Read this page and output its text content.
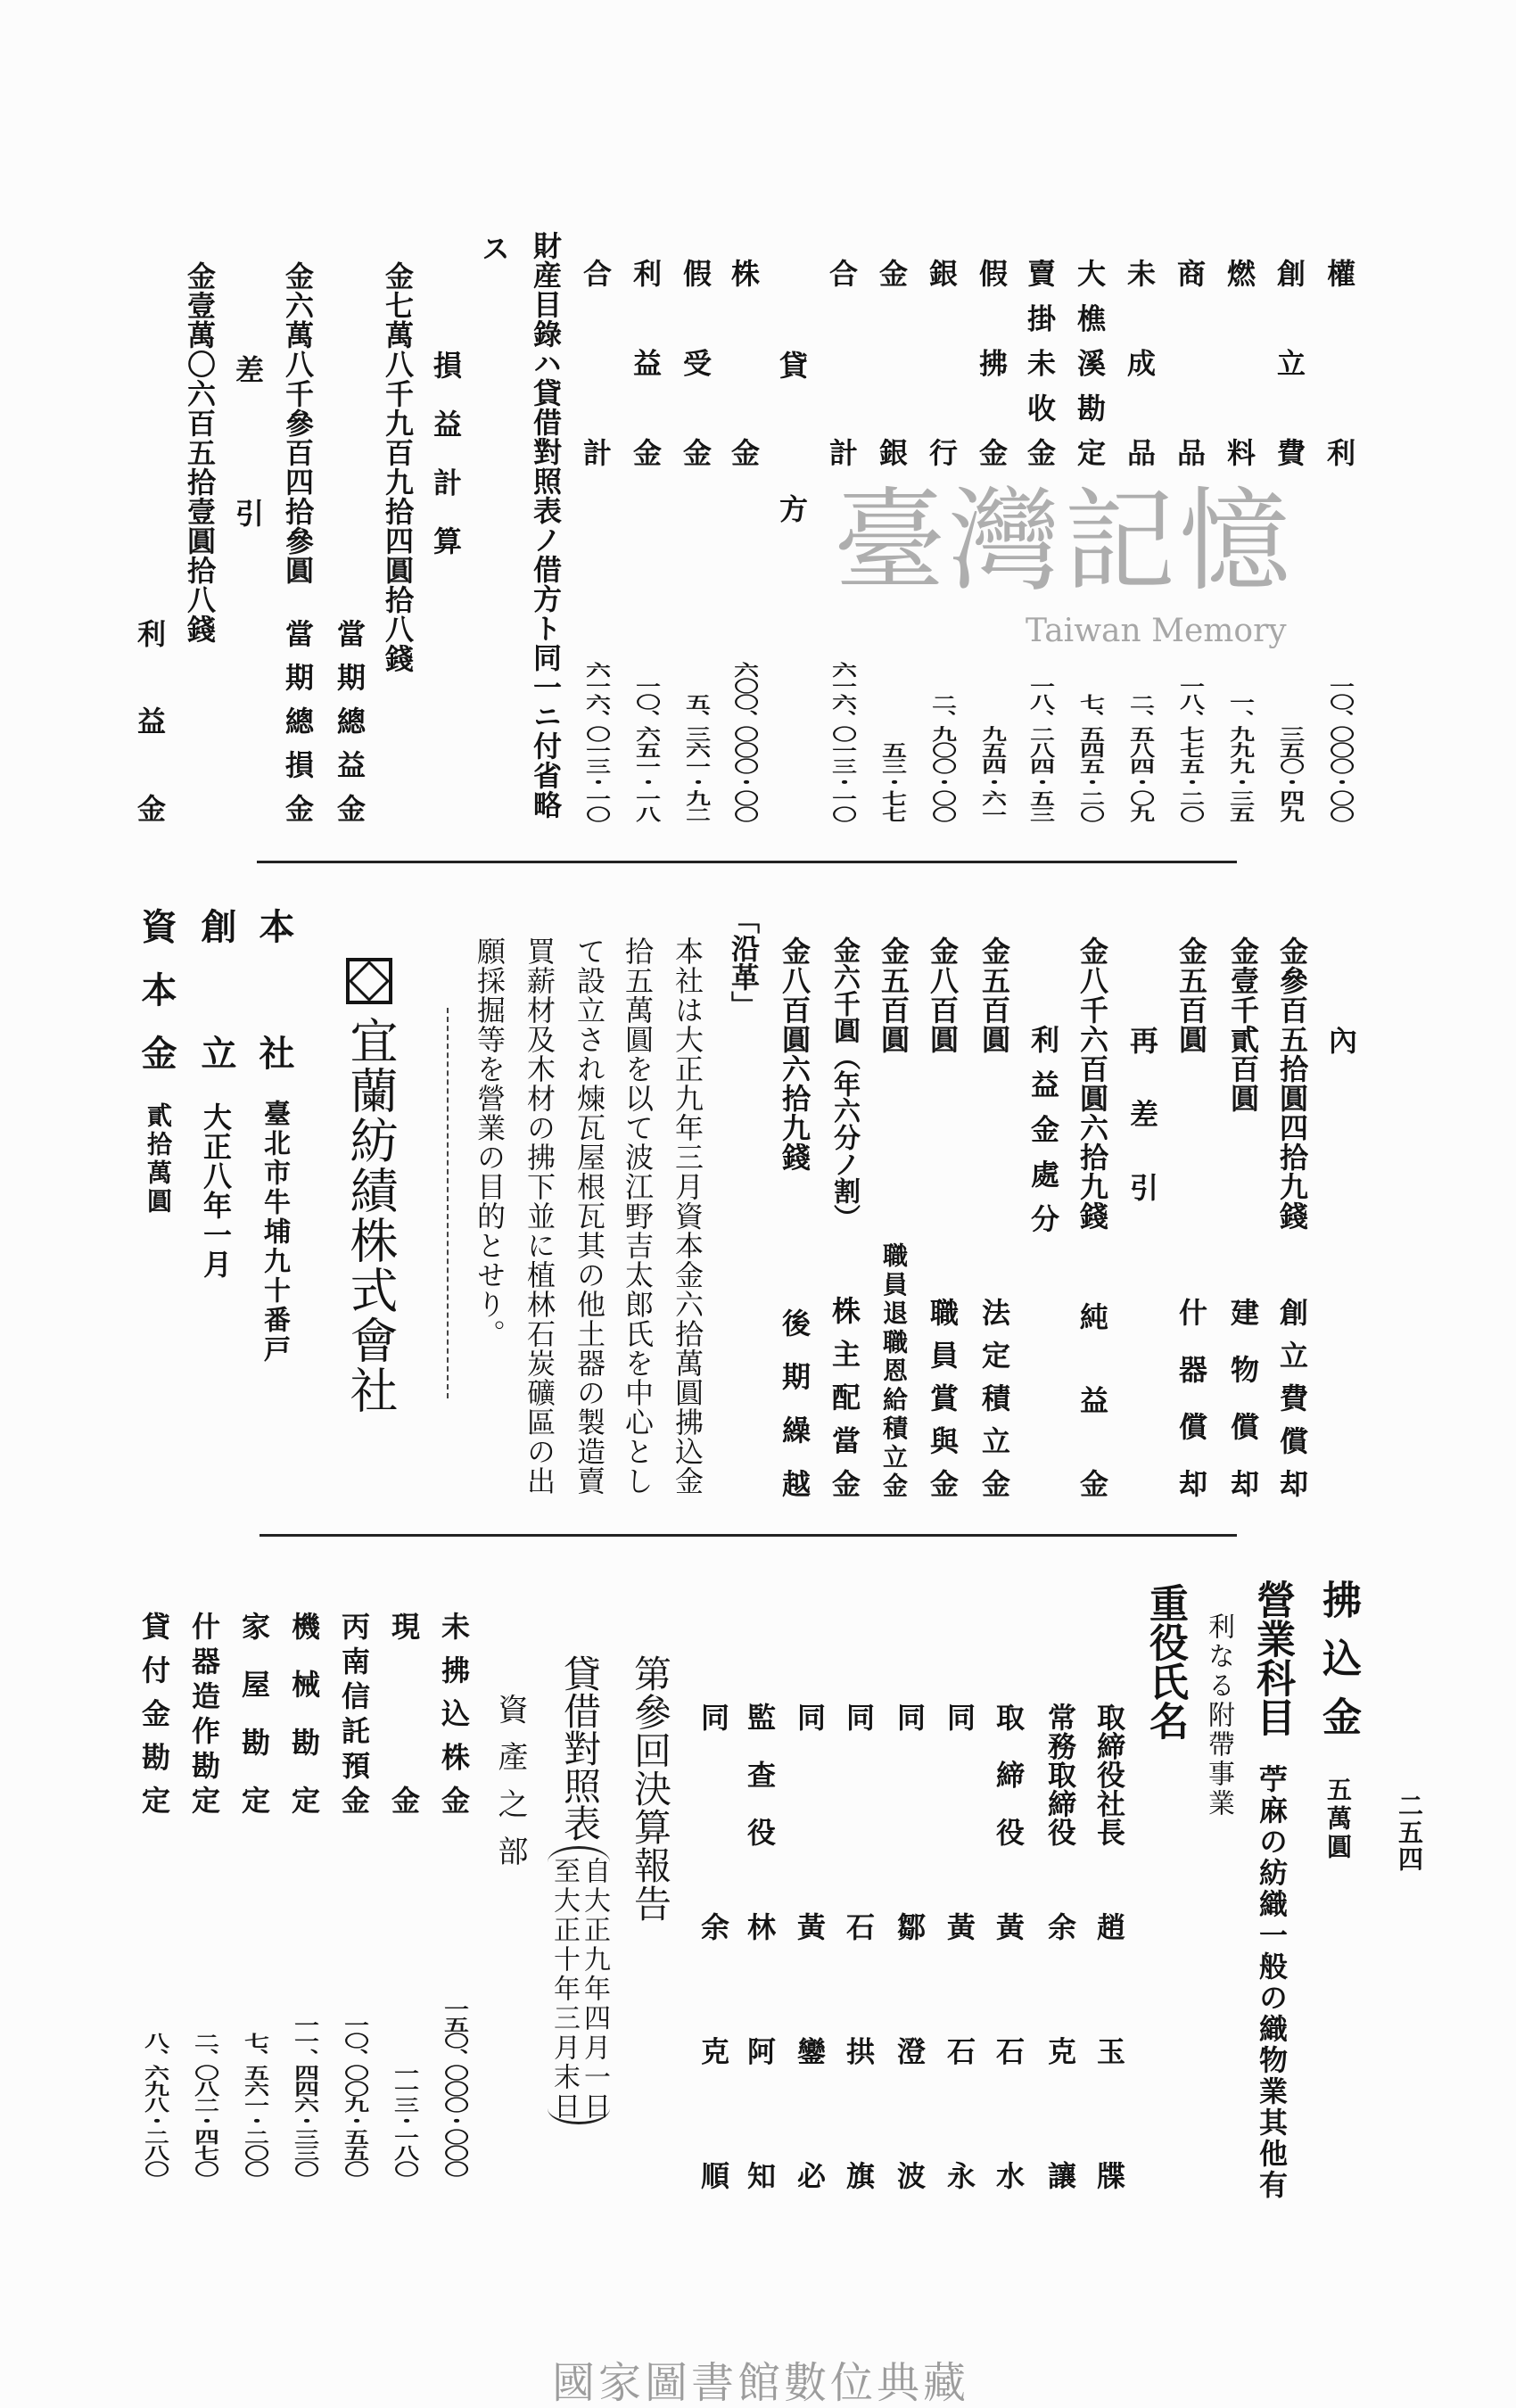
權利
創立費
燃料
商品
未成品
大樵溪勘定
賣掛未收金
假拂金
銀行
金銀
合計
一〇、〇〇〇・〇〇
三五〇・四九
一、九九九・三五
一八、七七五・二〇
二、五八四・〇九
七、五四五・二〇
一八、二八四・五三
九五四・六一
二、九〇〇・〇〇
五三・七七
六一六、〇一三・一〇
貸方
株金
假受金
利益金
合計
六〇〇、〇〇〇・〇〇
五、三六一・九二
一〇、六五一・一八
六一六、〇一三・一〇
財産目錄ハ貸借對照表ノ借方ト同一ニ付省略
ス
臺灣記憶
Taiwan Memory
損益計算
金七萬八千九百九拾四圓拾八錢
當期總益金
金六萬八千參百四拾參圓
當期總損金
差引
金壹萬〇六百五拾壹圓拾八錢
利益金
內
金參百五拾圓四拾九錢
創立費償却
金壹千貳百圓
建物償却
金五百圓
什器償却
再差引
金八千六百圓六拾九錢
純益金
利益金處分
金五百圓
法定積立金
金八百圓
職員賞與金
金五百圓
職員退職恩給積立金
金六千圓（年六分ノ割）
株主配當金
金八百圓六拾九錢
後期繰越
「沿革」
本社は大正九年三月資本金六拾萬圓拂込金
拾五萬圓を以て波江野吉太郎氏を中心とし
て設立され煉瓦屋根瓦其の他土器の製造賣
買薪材及木材の拂下並に植林石炭礦區の出
願採掘等を營業の目的とせり。
宜蘭紡績株式會社
本社
臺北市牛埔九十番戸
創立
大正八年一月
資本金
貳拾萬圓
二五四
拂込金
五萬圓
營業科目
苧麻の紡織一般の織物業其他有
利なる附帶事業
重役氏名
取締役社長
趙玉牒
常務取締役
余克讓
取締役
黃石水
同
黃石永
同
鄒澄波
同
石拱旗
同
黃鑾必
監查役
林阿知
同
余克順
第參回決算報告
貸借對照表
自大正九年四月一日
至大正十年三月末日
資產之部
未拂込株金
現金
丙南信託預金
機械勘定
家屋勘定
什器造作勘定
貸付金勘定
一五〇、〇〇〇・〇〇〇
一一三・一八〇
一〇、〇〇九・五五〇
一一、四四六・三三〇
七、五六一・二〇〇
二、〇八二・四七〇
八、六九八・二八〇
國家圖書館數位典藏
